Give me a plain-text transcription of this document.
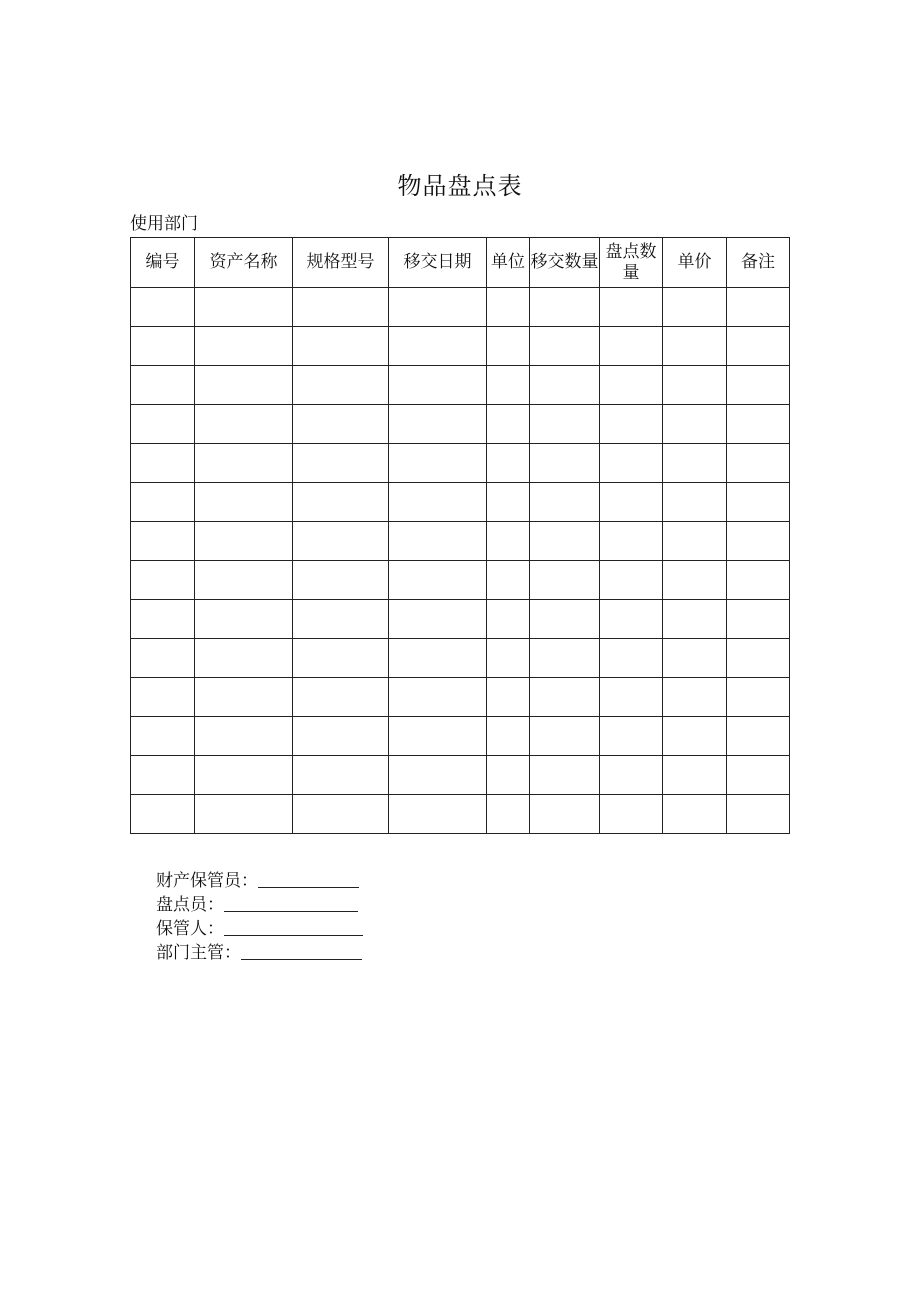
物品盘点表
使用部门
编号	资产名称	规格型号	移交日期	单位	移交数量	盘点数量	单价	备注

财产保管员：
盘点员：
保管人：
部门主管：
